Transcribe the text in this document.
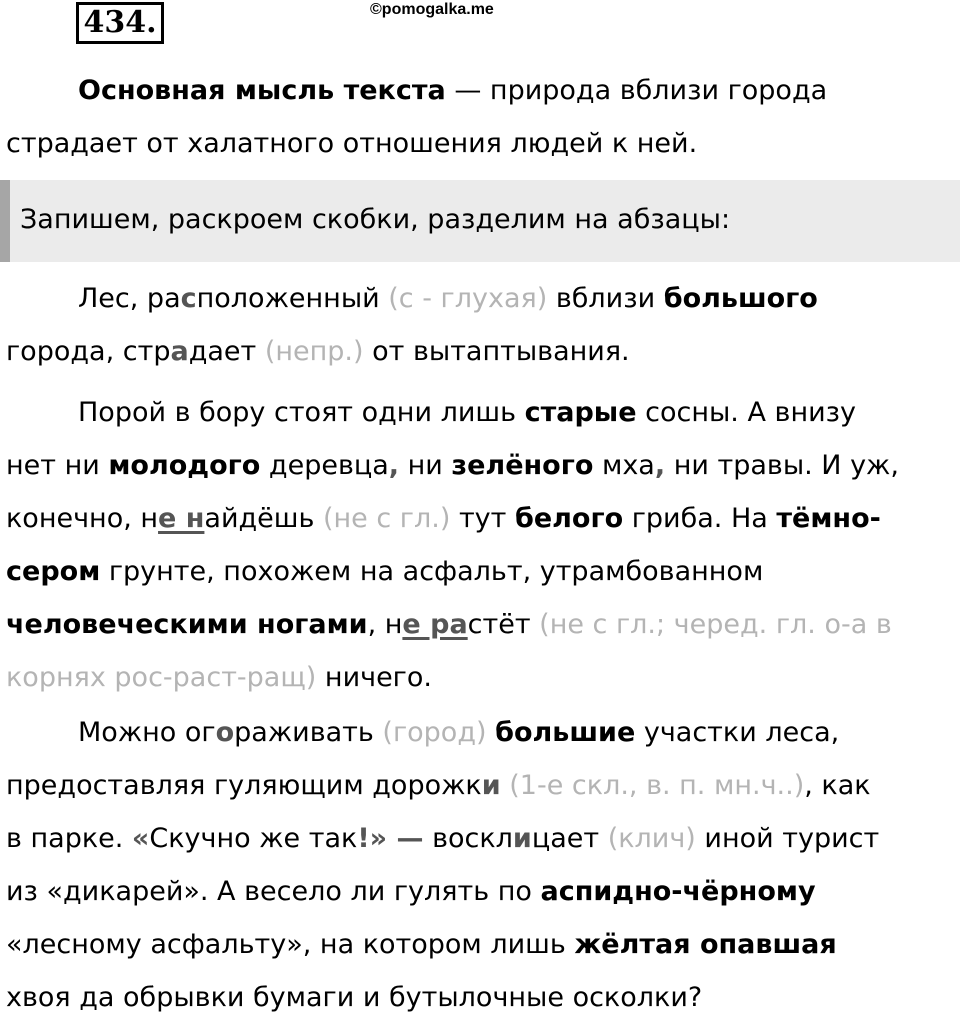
434.	©pomogalka.me

Основная мысль текста — природа вблизи города
страдает от халатного отношения людей к ней.

Запишем, раскроем скобки, разделим на абзацы:

Лес, расположенный (с - глухая) вблизи большого
города, страдает (непр.) от вытаптывания.

Порой в бору стоят одни лишь старые сосны. А внизу
нет ни молодого деревца, ни зелёного мха, ни травы. И уж,
конечно, не найдёшь (не с гл.) тут белого гриба. На тёмно-
сером грунте, похожем на асфальт, утрамбованном
человеческими ногами, не растёт (не с гл.; черед. гл. о-а в
корнях рос-раст-ращ) ничего.

Можно огораживать (город) большие участки леса,
предоставляя гуляющим дорожки (1-е скл., в. п. мн.ч..), как
в парке. «Скучно же так!» — восклицает (клич) иной турист
из «дикарей». А весело ли гулять по аспидно-чёрному
«лесному асфальту», на котором лишь жёлтая опавшая
хвоя да обрывки бумаги и бутылочные осколки?
